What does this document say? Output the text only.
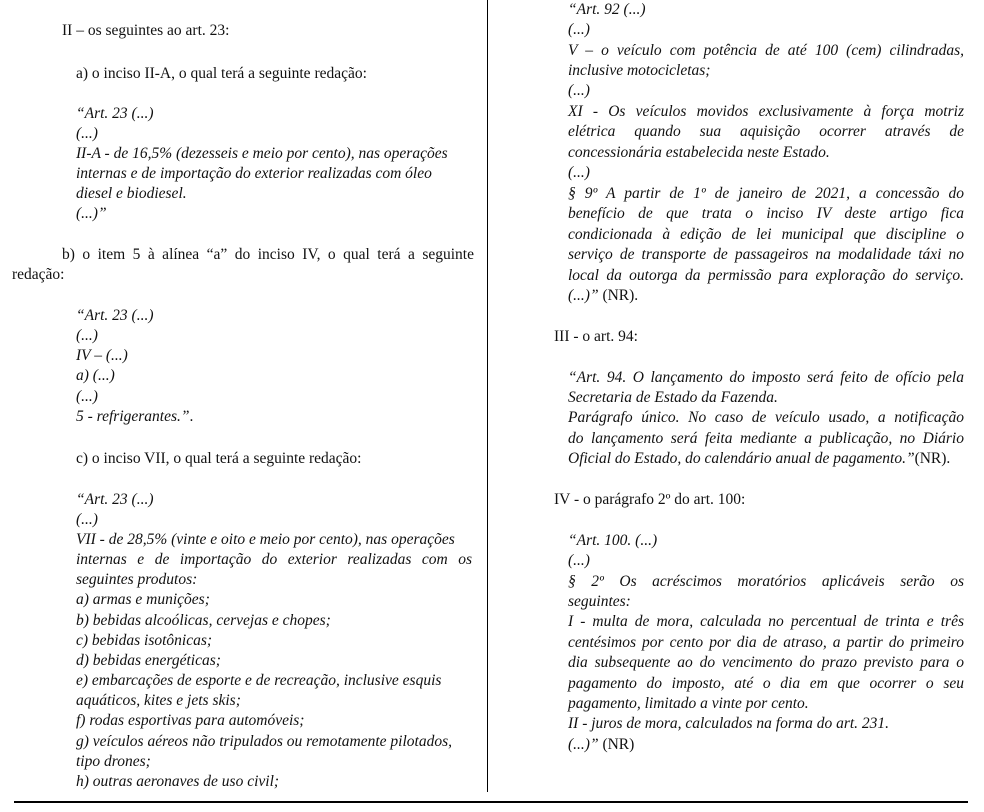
II – os seguintes ao art. 23:
a) o inciso II-A, o qual terá a seguinte redação:
“Art. 23 (...)
(...)
II-A - de 16,5% (dezesseis e meio por cento), nas operações
internas e de importação do exterior realizadas com óleo
diesel e biodiesel.
(...)”
b) o item 5 à alínea “a” do inciso IV, o qual terá a seguinte
redação:
“Art. 23 (...)
(...)
IV – (...)
a) (...)
(...)
5 - refrigerantes.”.
c) o inciso VII, o qual terá a seguinte redação:
“Art. 23 (...)
(...)
VII - de 28,5% (vinte e oito e meio por cento), nas operações
internas e de importação do exterior realizadas com os
seguintes produtos:
a) armas e munições;
b) bebidas alcoólicas, cervejas e chopes;
c) bebidas isotônicas;
d) bebidas energéticas;
e) embarcações de esporte e de recreação, inclusive esquis
aquáticos, kites e jets skis;
f) rodas esportivas para automóveis;
g) veículos aéreos não tripulados ou remotamente pilotados,
tipo drones;
h) outras aeronaves de uso civil;
“Art. 92 (...)
(...)
V – o veículo com potência de até 100 (cem) cilindradas,
inclusive motocicletas;
(...)
XI - Os veículos movidos exclusivamente à força motriz
elétrica quando sua aquisição ocorrer através de
concessionária estabelecida neste Estado.
(...)
§ 9º A partir de 1º de janeiro de 2021, a concessão do
benefício de que trata o inciso IV deste artigo fica
condicionada à edição de lei municipal que discipline o
serviço de transporte de passageiros na modalidade táxi no
local da outorga da permissão para exploração do serviço.
(...)” (NR).
III - o art. 94:
“Art. 94. O lançamento do imposto será feito de ofício pela
Secretaria de Estado da Fazenda.
Parágrafo único. No caso de veículo usado, a notificação
do lançamento será feita mediante a publicação, no Diário
Oficial do Estado, do calendário anual de pagamento.”(NR).
IV - o parágrafo 2º do art. 100:
“Art. 100. (...)
(...)
§ 2º Os acréscimos moratórios aplicáveis serão os
seguintes:
I - multa de mora, calculada no percentual de trinta e três
centésimos por cento por dia de atraso, a partir do primeiro
dia subsequente ao do vencimento do prazo previsto para o
pagamento do imposto, até o dia em que ocorrer o seu
pagamento, limitado a vinte por cento.
II - juros de mora, calculados na forma do art. 231.
(...)” (NR)
